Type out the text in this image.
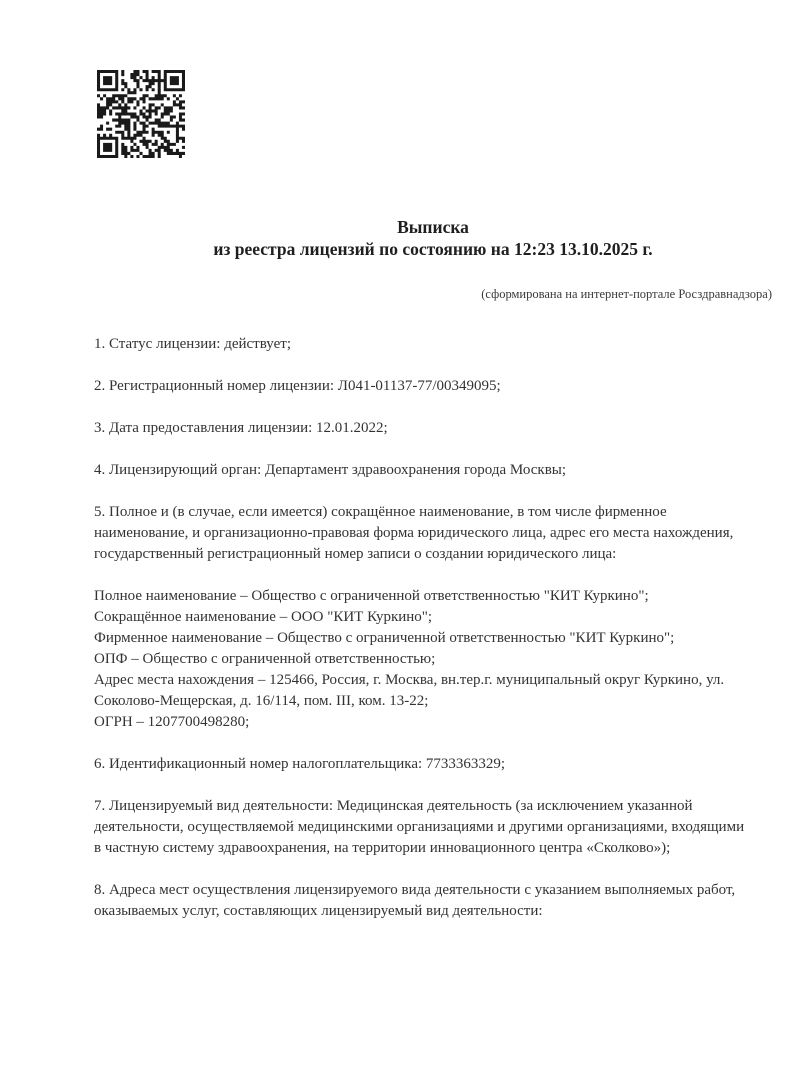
Выписка
из реестра лицензий по состоянию на 12:23 13.10.2025 г.
(сформирована на интернет-портале Росздравнадзора)

1. Статус лицензии: действует;

2. Регистрационный номер лицензии: Л041-01137-77/00349095;

3. Дата предоставления лицензии: 12.01.2022;

4. Лицензирующий орган: Департамент здравоохранения города Москвы;

5. Полное и (в случае, если имеется) сокращённое наименование, в том числе фирменное наименование, и организационно-правовая форма юридического лица, адрес его места нахождения, государственный регистрационный номер записи о создании юридического лица:

Полное наименование – Общество с ограниченной ответственностью "КИТ Куркино";
Сокращённое наименование – ООО "КИТ Куркино";
Фирменное наименование – Общество с ограниченной ответственностью "КИТ Куркино";
ОПФ – Общество с ограниченной ответственностью;
Адрес места нахождения – 125466, Россия, г. Москва, вн.тер.г. муниципальный округ Куркино, ул. Соколово-Мещерская, д. 16/114, пом. III, ком. 13-22;
ОГРН – 1207700498280;

6. Идентификационный номер налогоплательщика: 7733363329;

7. Лицензируемый вид деятельности: Медицинская деятельность (за исключением указанной деятельности, осуществляемой медицинскими организациями и другими организациями, входящими в частную систему здравоохранения, на территории инновационного центра «Сколково»);

8. Адреса мест осуществления лицензируемого вида деятельности с указанием выполняемых работ, оказываемых услуг, составляющих лицензируемый вид деятельности:
